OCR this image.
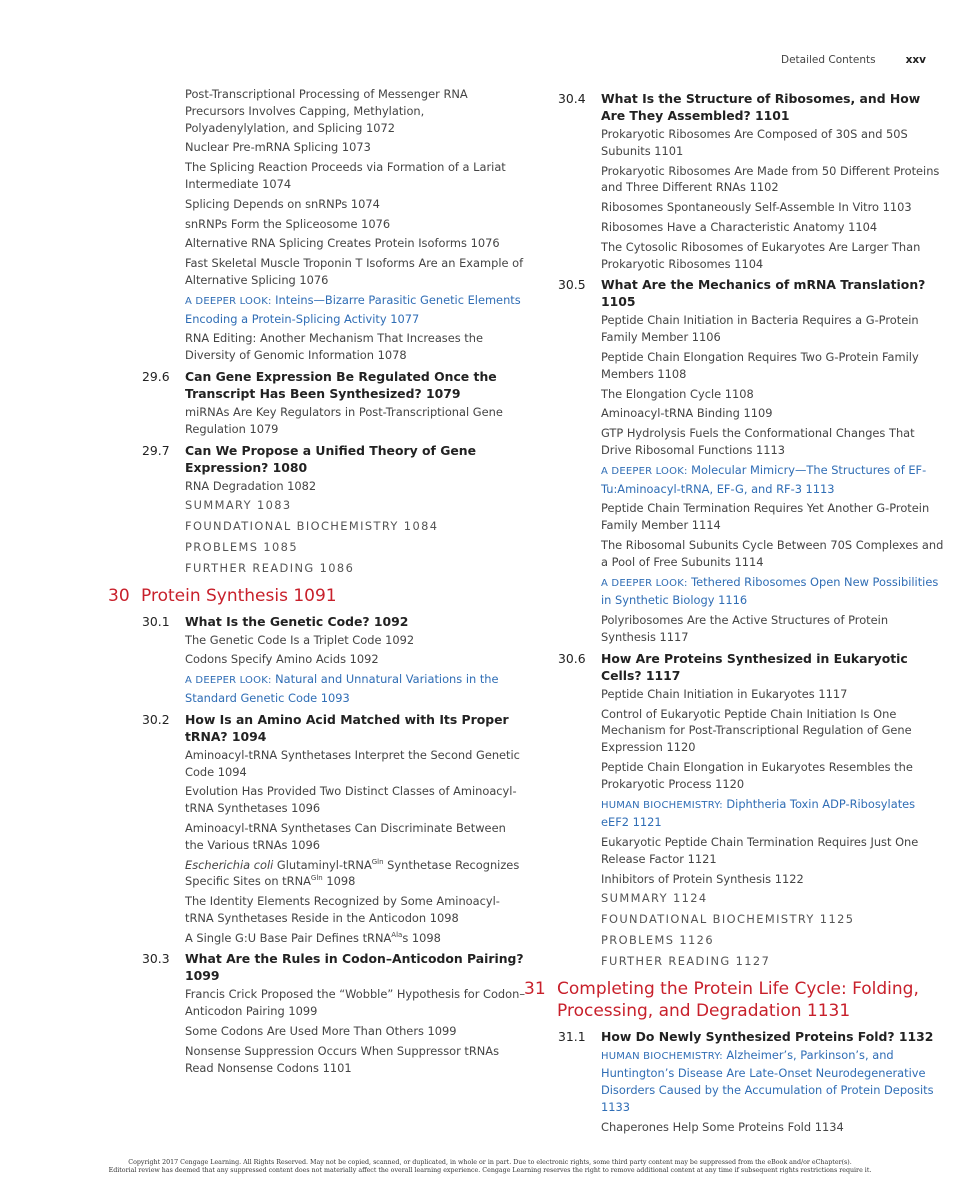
Detailed Contents	xxv
Post-Transcriptional Processing of Messenger RNA Precursors Involves Capping, Methylation, Polyadenylylation, and Splicing 1072
Nuclear Pre-mRNA Splicing 1073
The Splicing Reaction Proceeds via Formation of a Lariat Intermediate 1074
Splicing Depends on snRNPs 1074
snRNPs Form the Spliceosome 1076
Alternative RNA Splicing Creates Protein Isoforms 1076
Fast Skeletal Muscle Troponin T Isoforms Are an Example of Alternative Splicing 1076
A DEEPER LOOK: Inteins—Bizarre Parasitic Genetic Elements Encoding a Protein-Splicing Activity 1077
RNA Editing: Another Mechanism That Increases the Diversity of Genomic Information 1078
29.6 Can Gene Expression Be Regulated Once the Transcript Has Been Synthesized? 1079
miRNAs Are Key Regulators in Post-Transcriptional Gene Regulation 1079
29.7 Can We Propose a Unified Theory of Gene Expression? 1080
RNA Degradation 1082
SUMMARY 1083
FOUNDATIONAL BIOCHEMISTRY 1084
PROBLEMS 1085
FURTHER READING 1086
30 Protein Synthesis 1091
30.1 What Is the Genetic Code? 1092
The Genetic Code Is a Triplet Code 1092
Codons Specify Amino Acids 1092
A DEEPER LOOK: Natural and Unnatural Variations in the Standard Genetic Code 1093
30.2 How Is an Amino Acid Matched with Its Proper tRNA? 1094
Aminoacyl-tRNA Synthetases Interpret the Second Genetic Code 1094
Evolution Has Provided Two Distinct Classes of Aminoacyl-tRNA Synthetases 1096
Aminoacyl-tRNA Synthetases Can Discriminate Between the Various tRNAs 1096
Escherichia coli Glutaminyl-tRNA$^{Gln}$ Synthetase Recognizes Specific Sites on tRNA$^{Gln}$ 1098
The Identity Elements Recognized by Some Aminoacyl-tRNA Synthetases Reside in the Anticodon 1098
A Single G:U Base Pair Defines tRNA$^{Ala}$s 1098
30.3 What Are the Rules in Codon–Anticodon Pairing? 1099
Francis Crick Proposed the “Wobble” Hypothesis for Codon–Anticodon Pairing 1099
Some Codons Are Used More Than Others 1099
Nonsense Suppression Occurs When Suppressor tRNAs Read Nonsense Codons 1101
30.4 What Is the Structure of Ribosomes, and How Are They Assembled? 1101
Prokaryotic Ribosomes Are Composed of 30S and 50S Subunits 1101
Prokaryotic Ribosomes Are Made from 50 Different Proteins and Three Different RNAs 1102
Ribosomes Spontaneously Self-Assemble In Vitro 1103
Ribosomes Have a Characteristic Anatomy 1104
The Cytosolic Ribosomes of Eukaryotes Are Larger Than Prokaryotic Ribosomes 1104
30.5 What Are the Mechanics of mRNA Translation? 1105
Peptide Chain Initiation in Bacteria Requires a G-Protein Family Member 1106
Peptide Chain Elongation Requires Two G-Protein Family Members 1108
The Elongation Cycle 1108
Aminoacyl-tRNA Binding 1109
GTP Hydrolysis Fuels the Conformational Changes That Drive Ribosomal Functions 1113
A DEEPER LOOK: Molecular Mimicry—The Structures of EF-Tu:Aminoacyl-tRNA, EF-G, and RF-3 1113
Peptide Chain Termination Requires Yet Another G-Protein Family Member 1114
The Ribosomal Subunits Cycle Between 70S Complexes and a Pool of Free Subunits 1114
A DEEPER LOOK: Tethered Ribosomes Open New Possibilities in Synthetic Biology 1116
Polyribosomes Are the Active Structures of Protein Synthesis 1117
30.6 How Are Proteins Synthesized in Eukaryotic Cells? 1117
Peptide Chain Initiation in Eukaryotes 1117
Control of Eukaryotic Peptide Chain Initiation Is One Mechanism for Post-Transcriptional Regulation of Gene Expression 1120
Peptide Chain Elongation in Eukaryotes Resembles the Prokaryotic Process 1120
HUMAN BIOCHEMISTRY: Diphtheria Toxin ADP-Ribosylates eEF2 1121
Eukaryotic Peptide Chain Termination Requires Just One Release Factor 1121
Inhibitors of Protein Synthesis 1122
SUMMARY 1124
FOUNDATIONAL BIOCHEMISTRY 1125
PROBLEMS 1126
FURTHER READING 1127
31 Completing the Protein Life Cycle: Folding, Processing, and Degradation 1131
31.1 How Do Newly Synthesized Proteins Fold? 1132
HUMAN BIOCHEMISTRY: Alzheimer’s, Parkinson’s, and Huntington’s Disease Are Late-Onset Neurodegenerative Disorders Caused by the Accumulation of Protein Deposits 1133
Chaperones Help Some Proteins Fold 1134
Copyright 2017 Cengage Learning. All Rights Reserved. May not be copied, scanned, or duplicated, in whole or in part. Due to electronic rights, some third party content may be suppressed from the eBook and/or eChapter(s).
Editorial review has deemed that any suppressed content does not materially affect the overall learning experience. Cengage Learning reserves the right to remove additional content at any time if subsequent rights restrictions require it.
